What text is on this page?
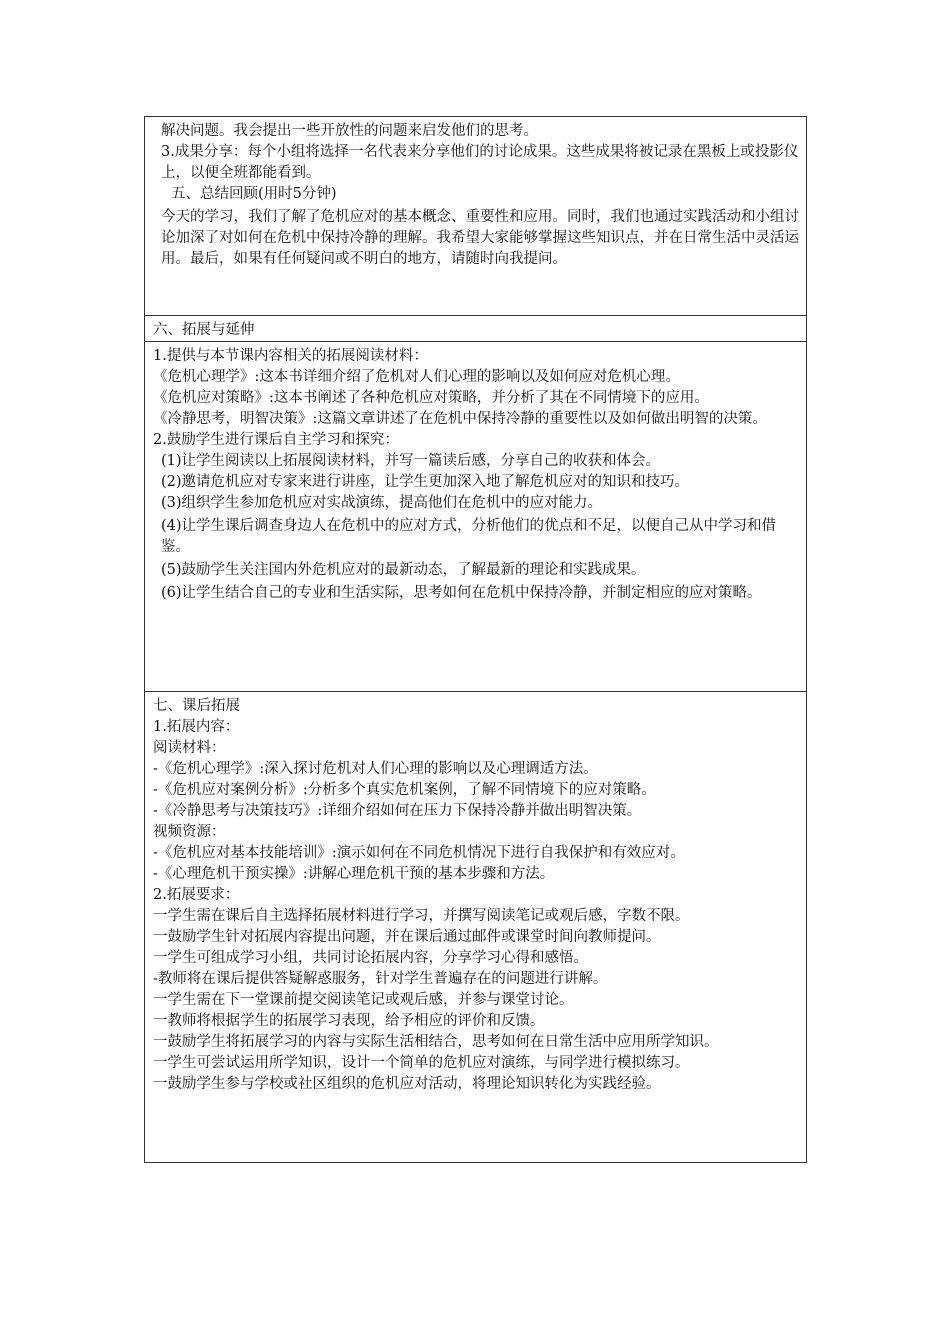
解决问题。我会提出一些开放性的问题来启发他们的思考。

3.成果分享：每个小组将选择一名代表来分享他们的讨论成果。这些成果将被记录在黑板上或投影仪上，以便全班都能看到。

五、总结回顾(用时5分钟)

今天的学习，我们了解了危机应对的基本概念、重要性和应用。同时，我们也通过实践活动和小组讨论加深了对如何在危机中保持冷静的理解。我希望大家能够掌握这些知识点，并在日常生活中灵活运用。最后，如果有任何疑问或不明白的地方，请随时向我提问。

六、拓展与延伸

1.提供与本节课内容相关的拓展阅读材料：

《危机心理学》:这本书详细介绍了危机对人们心理的影响以及如何应对危机心理。

《危机应对策略》:这本书阐述了各种危机应对策略，并分析了其在不同情境下的应用。

《冷静思考，明智决策》:这篇文章讲述了在危机中保持冷静的重要性以及如何做出明智的决策。

2.鼓励学生进行课后自主学习和探究：

(1)让学生阅读以上拓展阅读材料，并写一篇读后感，分享自己的收获和体会。

(2)邀请危机应对专家来进行讲座，让学生更加深入地了解危机应对的知识和技巧。

(3)组织学生参加危机应对实战演练，提高他们在危机中的应对能力。

(4)让学生课后调查身边人在危机中的应对方式，分析他们的优点和不足，以便自己从中学习和借鉴。

(5)鼓励学生关注国内外危机应对的最新动态，了解最新的理论和实践成果。

(6)让学生结合自己的专业和生活实际，思考如何在危机中保持冷静，并制定相应的应对策略。

七、课后拓展

1.拓展内容：

阅读材料：

-《危机心理学》:深入探讨危机对人们心理的影响以及心理调适方法。

-《危机应对案例分析》:分析多个真实危机案例，了解不同情境下的应对策略。

-《冷静思考与决策技巧》:详细介绍如何在压力下保持冷静并做出明智决策。

视频资源：

-《危机应对基本技能培训》:演示如何在不同危机情况下进行自我保护和有效应对。

-《心理危机干预实操》:讲解心理危机干预的基本步骤和方法。

2.拓展要求：

一学生需在课后自主选择拓展材料进行学习，并撰写阅读笔记或观后感，字数不限。

一鼓励学生针对拓展内容提出问题，并在课后通过邮件或课堂时间向教师提问。

一学生可组成学习小组，共同讨论拓展内容，分享学习心得和感悟。

-教师将在课后提供答疑解惑服务，针对学生普遍存在的问题进行讲解。

一学生需在下一堂课前提交阅读笔记或观后感，并参与课堂讨论。

一教师将根据学生的拓展学习表现，给予相应的评价和反馈。

一鼓励学生将拓展学习的内容与实际生活相结合，思考如何在日常生活中应用所学知识。

一学生可尝试运用所学知识，设计一个简单的危机应对演练，与同学进行模拟练习。

一鼓励学生参与学校或社区组织的危机应对活动，将理论知识转化为实践经验。
